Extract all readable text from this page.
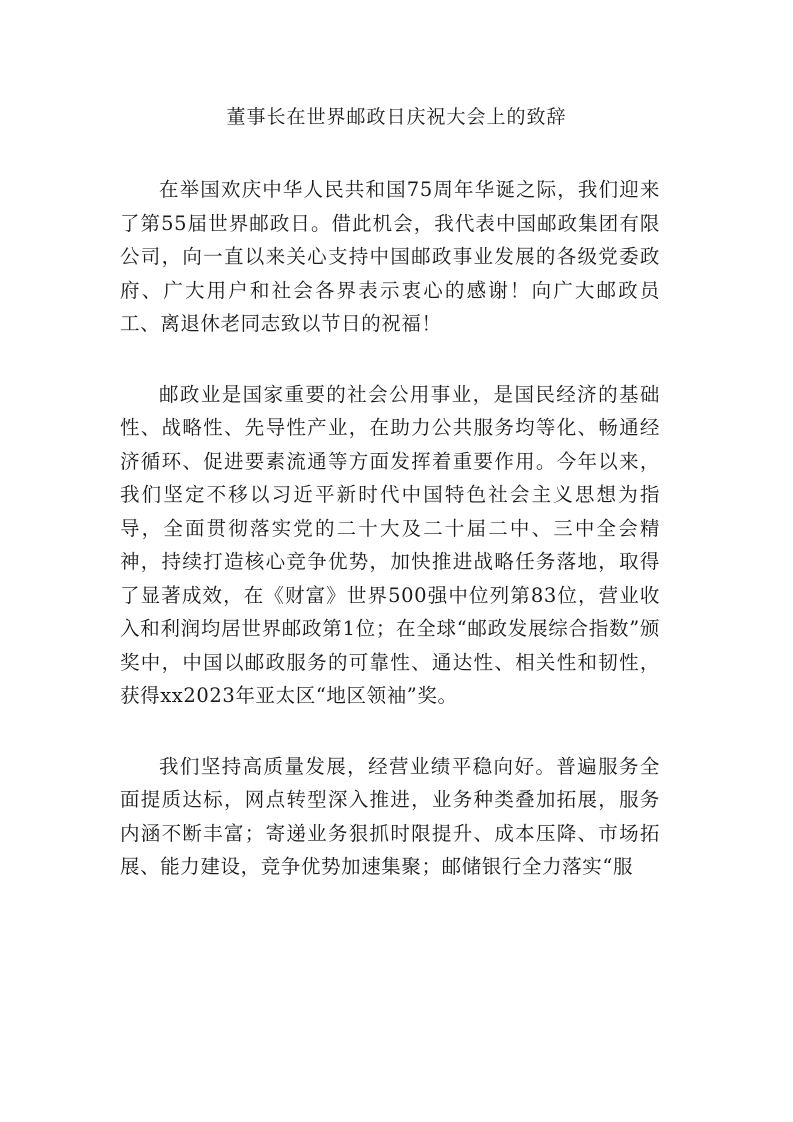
董事长在世界邮政日庆祝大会上的致辞

在举国欢庆中华人民共和国75周年华诞之际，我们迎来了第55届世界邮政日。借此机会，我代表中国邮政集团有限公司，向一直以来关心支持中国邮政事业发展的各级党委政府、广大用户和社会各界表示衷心的感谢！向广大邮政员工、离退休老同志致以节日的祝福！

邮政业是国家重要的社会公用事业，是国民经济的基础性、战略性、先导性产业，在助力公共服务均等化、畅通经济循环、促进要素流通等方面发挥着重要作用。今年以来，我们坚定不移以习近平新时代中国特色社会主义思想为指导，全面贯彻落实党的二十大及二十届二中、三中全会精神，持续打造核心竞争优势，加快推进战略任务落地，取得了显著成效，在《财富》世界500强中位列第83位，营业收入和利润均居世界邮政第1位；在全球“邮政发展综合指数”颁奖中，中国以邮政服务的可靠性、通达性、相关性和韧性，获得xx2023年亚太区“地区领袖”奖。

我们坚持高质量发展，经营业绩平稳向好。普遍服务全面提质达标，网点转型深入推进，业务种类叠加拓展，服务内涵不断丰富；寄递业务狠抓时限提升、成本压降、市场拓展、能力建设，竞争优势加速集聚；邮储银行全力落实“服
